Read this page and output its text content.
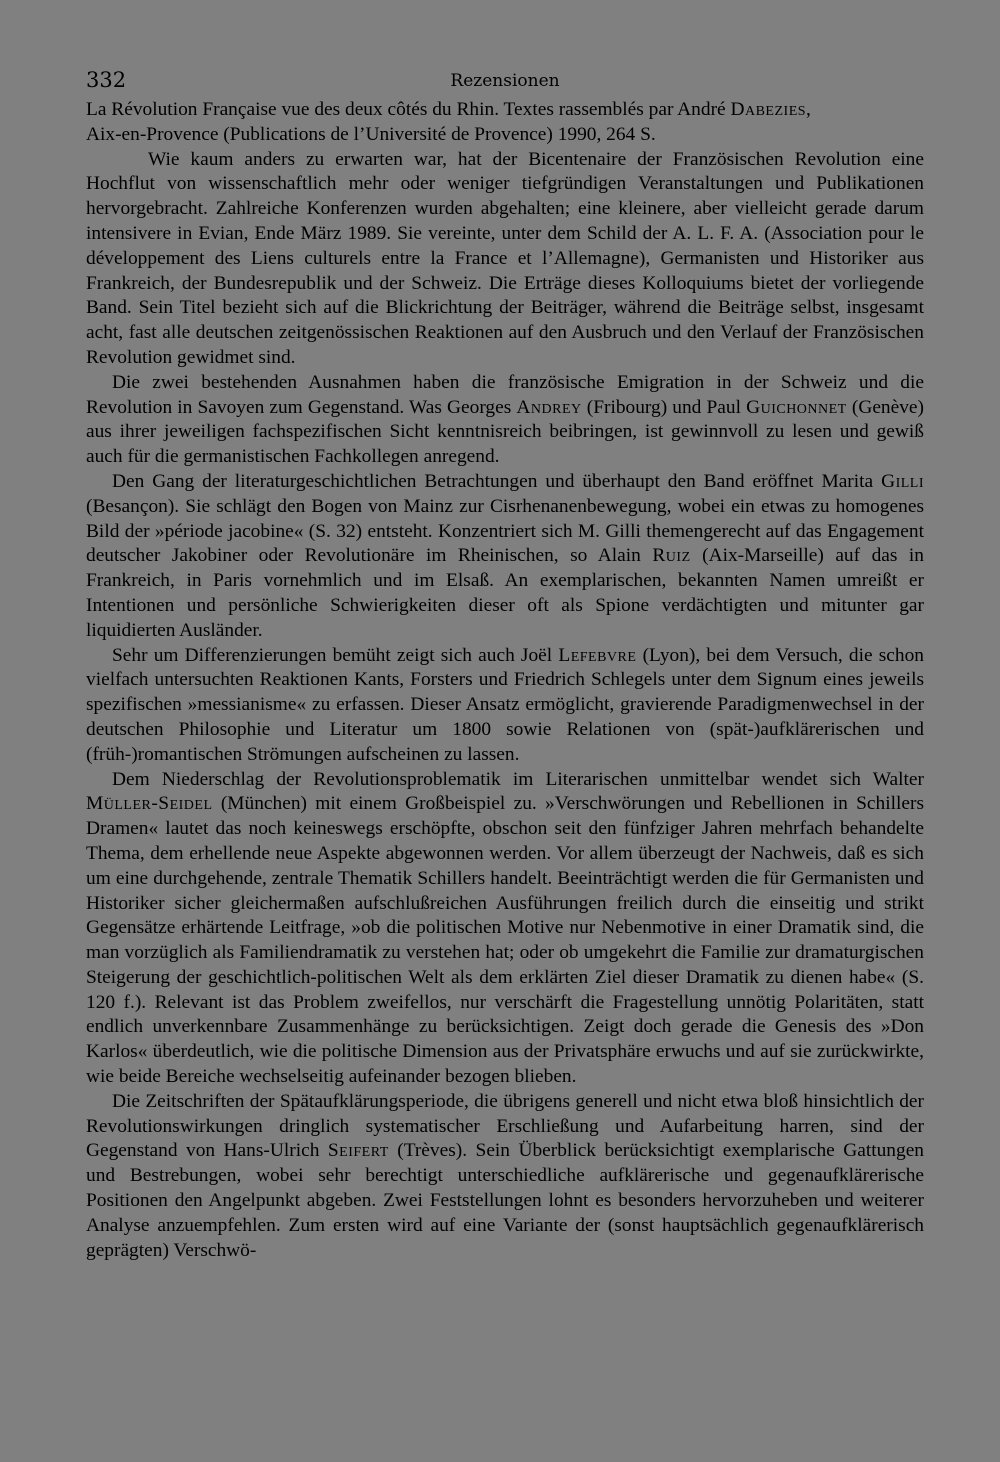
332	Rezensionen

La Révolution Française vue des deux côtés du Rhin. Textes rassemblés par André Dabezies,
Aix-en-Provence (Publications de l’Université de Provence) 1990, 264 S.

Wie kaum anders zu erwarten war, hat der Bicentenaire der Französischen Revolution eine Hochflut von wissenschaftlich mehr oder weniger tiefgründigen Veranstaltungen und Publikationen hervorgebracht. Zahlreiche Konferenzen wurden abgehalten; eine kleinere, aber vielleicht gerade darum intensivere in Evian, Ende März 1989. Sie vereinte, unter dem Schild der A. L. F. A. (Association pour le développement des Liens culturels entre la France et l’Allemagne), Germanisten und Historiker aus Frankreich, der Bundesrepublik und der Schweiz. Die Erträge dieses Kolloquiums bietet der vorliegende Band. Sein Titel bezieht sich auf die Blickrichtung der Beiträger, während die Beiträge selbst, insgesamt acht, fast alle deutschen zeitgenössischen Reaktionen auf den Ausbruch und den Verlauf der Französischen Revolution gewidmet sind.

Die zwei bestehenden Ausnahmen haben die französische Emigration in der Schweiz und die Revolution in Savoyen zum Gegenstand. Was Georges Andrey (Fribourg) und Paul Guichonnet (Genève) aus ihrer jeweiligen fachspezifischen Sicht kenntnisreich beibringen, ist gewinnvoll zu lesen und gewiß auch für die germanistischen Fachkollegen anregend.

Den Gang der literaturgeschichtlichen Betrachtungen und überhaupt den Band eröffnet Marita Gilli (Besançon). Sie schlägt den Bogen von Mainz zur Cisrhenanenbewegung, wobei ein etwas zu homogenes Bild der »période jacobine« (S. 32) entsteht. Konzentriert sich M. Gilli themengerecht auf das Engagement deutscher Jakobiner oder Revolutionäre im Rheinischen, so Alain Ruiz (Aix-Marseille) auf das in Frankreich, in Paris vornehmlich und im Elsaß. An exemplarischen, bekannten Namen umreißt er Intentionen und persönliche Schwierigkeiten dieser oft als Spione verdächtigten und mitunter gar liquidierten Ausländer.

Sehr um Differenzierungen bemüht zeigt sich auch Joël Lefebvre (Lyon), bei dem Versuch, die schon vielfach untersuchten Reaktionen Kants, Forsters und Friedrich Schlegels unter dem Signum eines jeweils spezifischen »messianisme« zu erfassen. Dieser Ansatz ermöglicht, gravierende Paradigmenwechsel in der deutschen Philosophie und Literatur um 1800 sowie Relationen von (spät-)aufklärerischen und (früh-)romantischen Strömungen aufscheinen zu lassen.

Dem Niederschlag der Revolutionsproblematik im Literarischen unmittelbar wendet sich Walter Müller-Seidel (München) mit einem Großbeispiel zu. »Verschwörungen und Rebellionen in Schillers Dramen« lautet das noch keineswegs erschöpfte, obschon seit den fünfziger Jahren mehrfach behandelte Thema, dem erhellende neue Aspekte abgewonnen werden. Vor allem überzeugt der Nachweis, daß es sich um eine durchgehende, zentrale Thematik Schillers handelt. Beeinträchtigt werden die für Germanisten und Historiker sicher gleichermaßen aufschlußreichen Ausführungen freilich durch die einseitig und strikt Gegensätze erhärtende Leitfrage, »ob die politischen Motive nur Nebenmotive in einer Dramatik sind, die man vorzüglich als Familiendramatik zu verstehen hat; oder ob umgekehrt die Familie zur dramaturgischen Steigerung der geschichtlich-politischen Welt als dem erklärten Ziel dieser Dramatik zu dienen habe« (S. 120 f.). Relevant ist das Problem zweifellos, nur verschärft die Fragestellung unnötig Polaritäten, statt endlich unverkennbare Zusammenhänge zu berücksichtigen. Zeigt doch gerade die Genesis des »Don Karlos« überdeutlich, wie die politische Dimension aus der Privatsphäre erwuchs und auf sie zurückwirkte, wie beide Bereiche wechselseitig aufeinander bezogen blieben.

Die Zeitschriften der Spätaufklärungsperiode, die übrigens generell und nicht etwa bloß hinsichtlich der Revolutionswirkungen dringlich systematischer Erschließung und Aufarbeitung harren, sind der Gegenstand von Hans-Ulrich Seifert (Trèves). Sein Überblick berücksichtigt exemplarische Gattungen und Bestrebungen, wobei sehr berechtigt unterschiedliche aufklärerische und gegenaufklärerische Positionen den Angelpunkt abgeben. Zwei Feststellungen lohnt es besonders hervorzuheben und weiterer Analyse anzuempfehlen. Zum ersten wird auf eine Variante der (sonst hauptsächlich gegenaufklärerisch geprägten) Verschwö-
